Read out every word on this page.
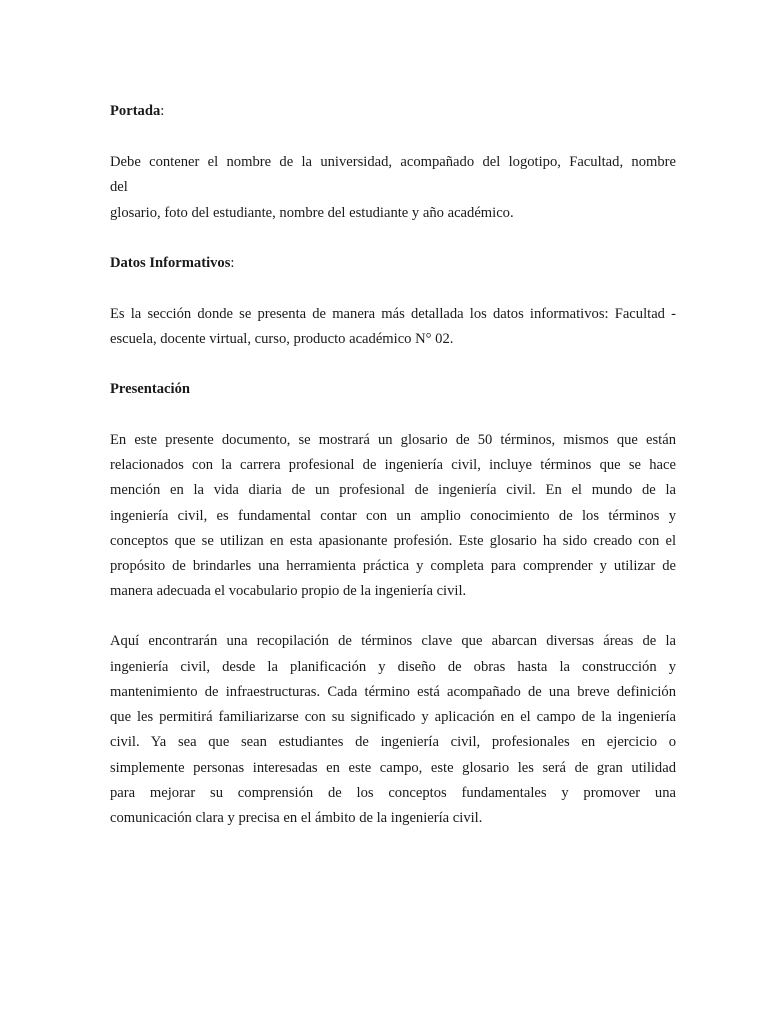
Portada:
Debe contener el nombre de la universidad, acompañado del logotipo, Facultad, nombre
del
glosario, foto del estudiante, nombre del estudiante y año académico.
Datos Informativos:
Es la sección donde se presenta de manera más detallada los datos informativos: Facultad -
escuela, docente virtual, curso, producto académico N° 02.
Presentación
En este presente documento, se mostrará un glosario de 50 términos, mismos que están
relacionados con la carrera profesional de ingeniería civil, incluye términos que se hace
mención en la vida diaria de un profesional de ingeniería civil. En el mundo de la
ingeniería civil, es fundamental contar con un amplio conocimiento de los términos y
conceptos que se utilizan en esta apasionante profesión. Este glosario ha sido creado con el
propósito de brindarles una herramienta práctica y completa para comprender y utilizar de
manera adecuada el vocabulario propio de la ingeniería civil.
Aquí encontrarán una recopilación de términos clave que abarcan diversas áreas de la
ingeniería civil, desde la planificación y diseño de obras hasta la construcción y
mantenimiento de infraestructuras. Cada término está acompañado de una breve definición
que les permitirá familiarizarse con su significado y aplicación en el campo de la ingeniería
civil. Ya sea que sean estudiantes de ingeniería civil, profesionales en ejercicio o
simplemente personas interesadas en este campo, este glosario les será de gran utilidad
para mejorar su comprensión de los conceptos fundamentales y promover una
comunicación clara y precisa en el ámbito de la ingeniería civil.
